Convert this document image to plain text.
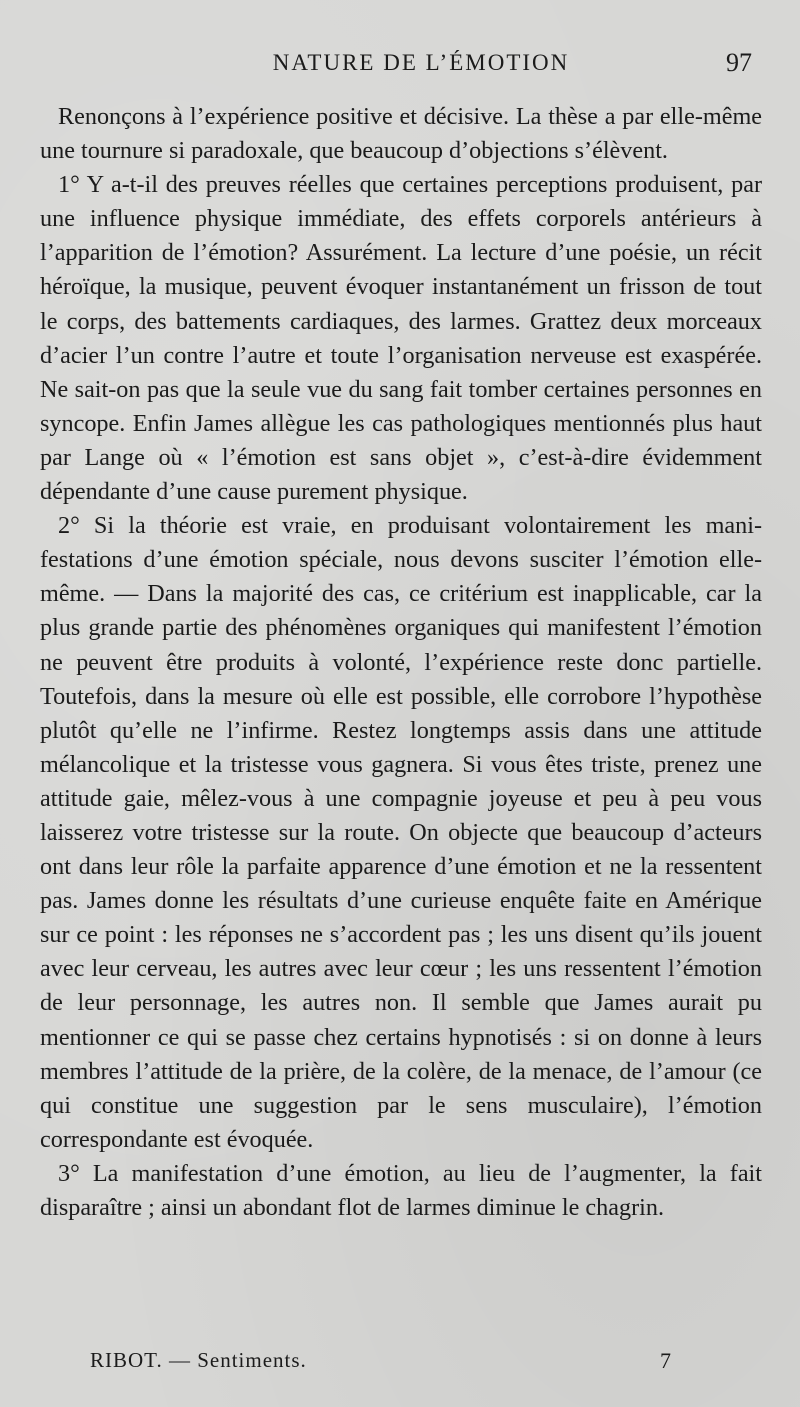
NATURE DE L’ÉMOTION	97

Renonçons à l’expérience positive et décisive. La thèse a par elle-même une tournure si paradoxale, que beaucoup d’objections s’élèvent.

1° Y a-t-il des preuves réelles que certaines perceptions produisent, par une influence physique immédiate, des effets corporels antérieurs à l’apparition de l’émotion? Assurément. La lecture d’une poésie, un récit héroïque, la musique, peuvent évoquer instantanément un frisson de tout le corps, des battements cardiaques, des larmes. Grattez deux morceaux d’acier l’un contre l’autre et toute l’organisation nerveuse est exaspérée. Ne sait-on pas que la seule vue du sang fait tomber certaines personnes en syncope. Enfin James allègue les cas pathologiques mentionnés plus haut par Lange où « l’émotion est sans objet », c’est-à-dire évidemment dépendante d’une cause purement physique.

2° Si la théorie est vraie, en produisant volontairement les manifestations d’une émotion spéciale, nous devons susciter l’émotion elle-même. — Dans la majorité des cas, ce critérium est inapplicable, car la plus grande partie des phénomènes organiques qui manifestent l’émotion ne peuvent être produits à volonté, l’expérience reste donc partielle. Toutefois, dans la mesure où elle est possible, elle corrobore l’hypothèse plutôt qu’elle ne l’infirme. Restez longtemps assis dans une attitude mélancolique et la tristesse vous gagnera. Si vous êtes triste, prenez une attitude gaie, mêlez-vous à une compagnie joyeuse et peu à peu vous laisserez votre tristesse sur la route. On objecte que beaucoup d’acteurs ont dans leur rôle la parfaite apparence d’une émotion et ne la ressentent pas. James donne les résultats d’une curieuse enquête faite en Amérique sur ce point : les réponses ne s’accordent pas ; les uns disent qu’ils jouent avec leur cerveau, les autres avec leur cœur ; les uns ressentent l’émotion de leur personnage, les autres non. Il semble que James aurait pu mentionner ce qui se passe chez certains hypnotisés : si on donne à leurs membres l’attitude de la prière, de la colère, de la menace, de l’amour (ce qui constitue une suggestion par le sens musculaire), l’émotion correspondante est évoquée.

3° La manifestation d’une émotion, au lieu de l’augmenter, la fait disparaître ; ainsi un abondant flot de larmes diminue le chagrin.

RIBOT. — Sentiments.	7
